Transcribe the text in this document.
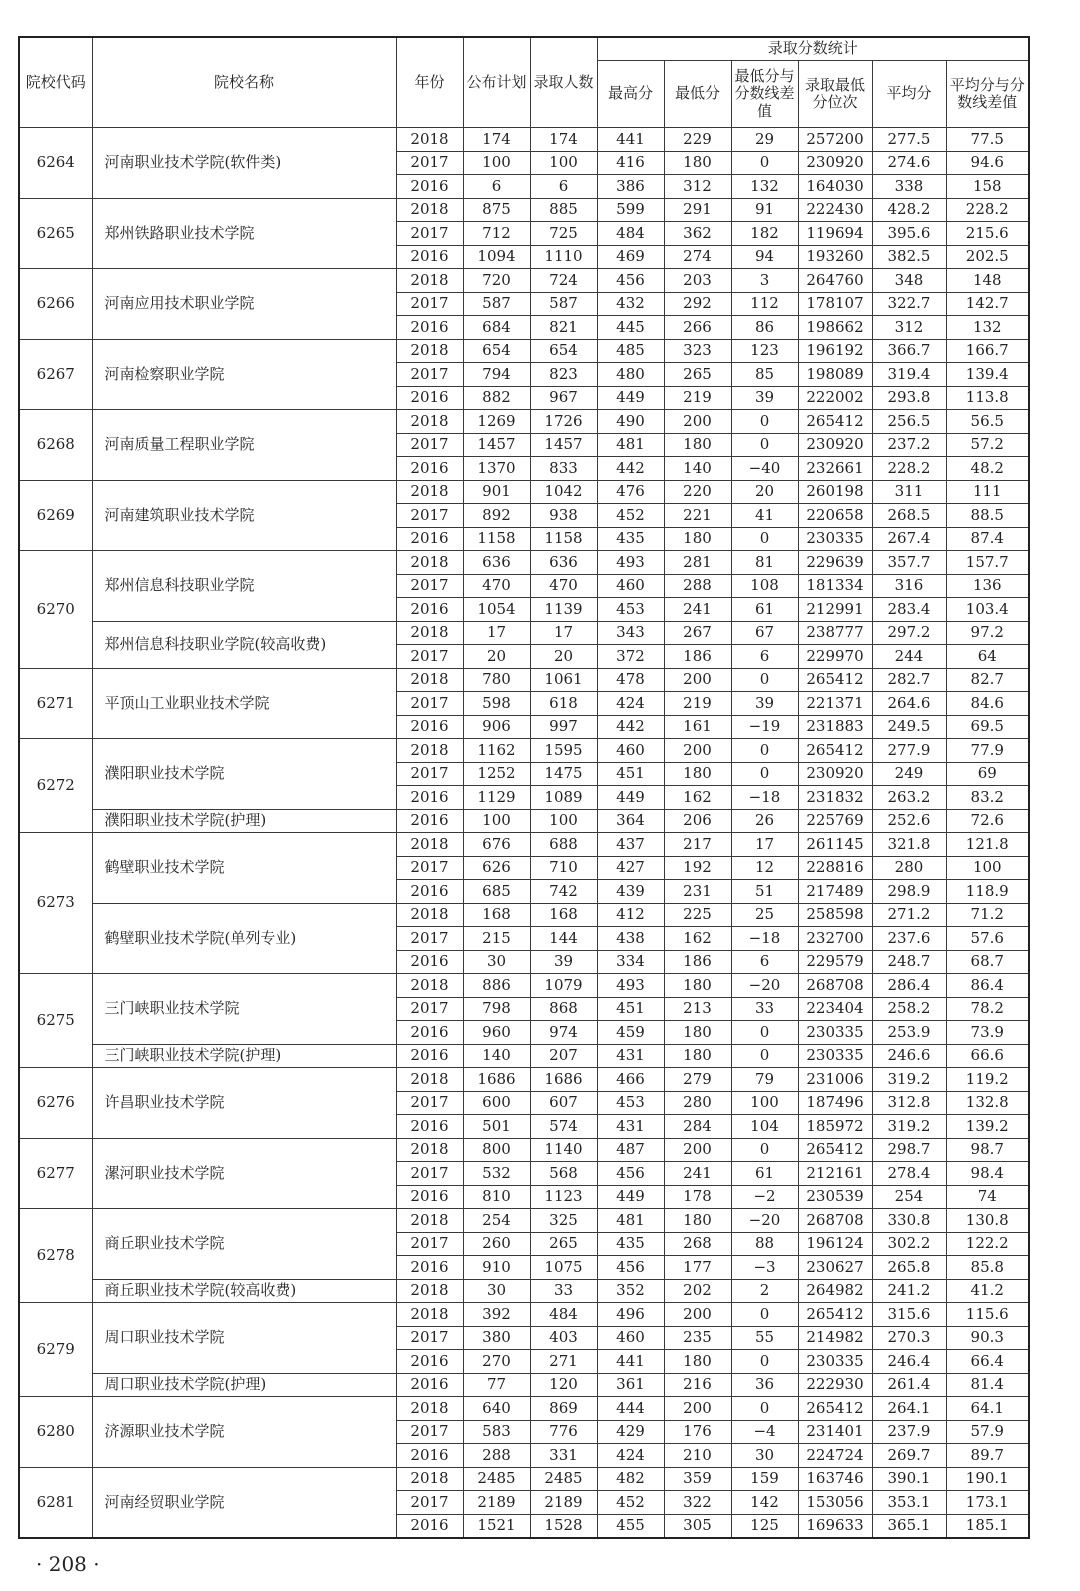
院校代码	院校名称	年份	公布计划	录取人数	录取分数统计					
					最高分	最低分	最低分与分数线差值	录取最低分位次	平均分	平均分与分数线差值
6264	河南职业技术学院(软件类)	2018	174	174	441	229	29	257200	277.5	77.5
		2017	100	100	416	180	0	230920	274.6	94.6
		2016	6	6	386	312	132	164030	338	158
6265	郑州铁路职业技术学院	2018	875	885	599	291	91	222430	428.2	228.2
		2017	712	725	484	362	182	119694	395.6	215.6
		2016	1094	1110	469	274	94	193260	382.5	202.5
6266	河南应用技术职业学院	2018	720	724	456	203	3	264760	348	148
		2017	587	587	432	292	112	178107	322.7	142.7
		2016	684	821	445	266	86	198662	312	132
6267	河南检察职业学院	2018	654	654	485	323	123	196192	366.7	166.7
		2017	794	823	480	265	85	198089	319.4	139.4
		2016	882	967	449	219	39	222002	293.8	113.8
6268	河南质量工程职业学院	2018	1269	1726	490	200	0	265412	256.5	56.5
		2017	1457	1457	481	180	0	230920	237.2	57.2
		2016	1370	833	442	140	−40	232661	228.2	48.2
6269	河南建筑职业技术学院	2018	901	1042	476	220	20	260198	311	111
		2017	892	938	452	221	41	220658	268.5	88.5
		2016	1158	1158	435	180	0	230335	267.4	87.4
6270	郑州信息科技职业学院	2018	636	636	493	281	81	229639	357.7	157.7
		2017	470	470	460	288	108	181334	316	136
		2016	1054	1139	453	241	61	212991	283.4	103.4
	郑州信息科技职业学院(较高收费)	2018	17	17	343	267	67	238777	297.2	97.2
		2017	20	20	372	186	6	229970	244	64
6271	平顶山工业职业技术学院	2018	780	1061	478	200	0	265412	282.7	82.7
		2017	598	618	424	219	39	221371	264.6	84.6
		2016	906	997	442	161	−19	231883	249.5	69.5
6272	濮阳职业技术学院	2018	1162	1595	460	200	0	265412	277.9	77.9
		2017	1252	1475	451	180	0	230920	249	69
		2016	1129	1089	449	162	−18	231832	263.2	83.2
	濮阳职业技术学院(护理)	2016	100	100	364	206	26	225769	252.6	72.6
6273	鹤壁职业技术学院	2018	676	688	437	217	17	261145	321.8	121.8
		2017	626	710	427	192	12	228816	280	100
		2016	685	742	439	231	51	217489	298.9	118.9
	鹤壁职业技术学院(单列专业)	2018	168	168	412	225	25	258598	271.2	71.2
		2017	215	144	438	162	−18	232700	237.6	57.6
		2016	30	39	334	186	6	229579	248.7	68.7
6275	三门峡职业技术学院	2018	886	1079	493	180	−20	268708	286.4	86.4
		2017	798	868	451	213	33	223404	258.2	78.2
		2016	960	974	459	180	0	230335	253.9	73.9
	三门峡职业技术学院(护理)	2016	140	207	431	180	0	230335	246.6	66.6
6276	许昌职业技术学院	2018	1686	1686	466	279	79	231006	319.2	119.2
		2017	600	607	453	280	100	187496	312.8	132.8
		2016	501	574	431	284	104	185972	319.2	139.2
6277	漯河职业技术学院	2018	800	1140	487	200	0	265412	298.7	98.7
		2017	532	568	456	241	61	212161	278.4	98.4
		2016	810	1123	449	178	−2	230539	254	74
6278	商丘职业技术学院	2018	254	325	481	180	−20	268708	330.8	130.8
		2017	260	265	435	268	88	196124	302.2	122.2
		2016	910	1075	456	177	−3	230627	265.8	85.8
	商丘职业技术学院(较高收费)	2018	30	33	352	202	2	264982	241.2	41.2
6279	周口职业技术学院	2018	392	484	496	200	0	265412	315.6	115.6
		2017	380	403	460	235	55	214982	270.3	90.3
		2016	270	271	441	180	0	230335	246.4	66.4
	周口职业技术学院(护理)	2016	77	120	361	216	36	222930	261.4	81.4
6280	济源职业技术学院	2018	640	869	444	200	0	265412	264.1	64.1
		2017	583	776	429	176	−4	231401	237.9	57.9
		2016	288	331	424	210	30	224724	269.7	89.7
6281	河南经贸职业学院	2018	2485	2485	482	359	159	163746	390.1	190.1
		2017	2189	2189	452	322	142	153056	353.1	173.1
		2016	1521	1528	455	305	125	169633	365.1	185.1
· 208 ·
